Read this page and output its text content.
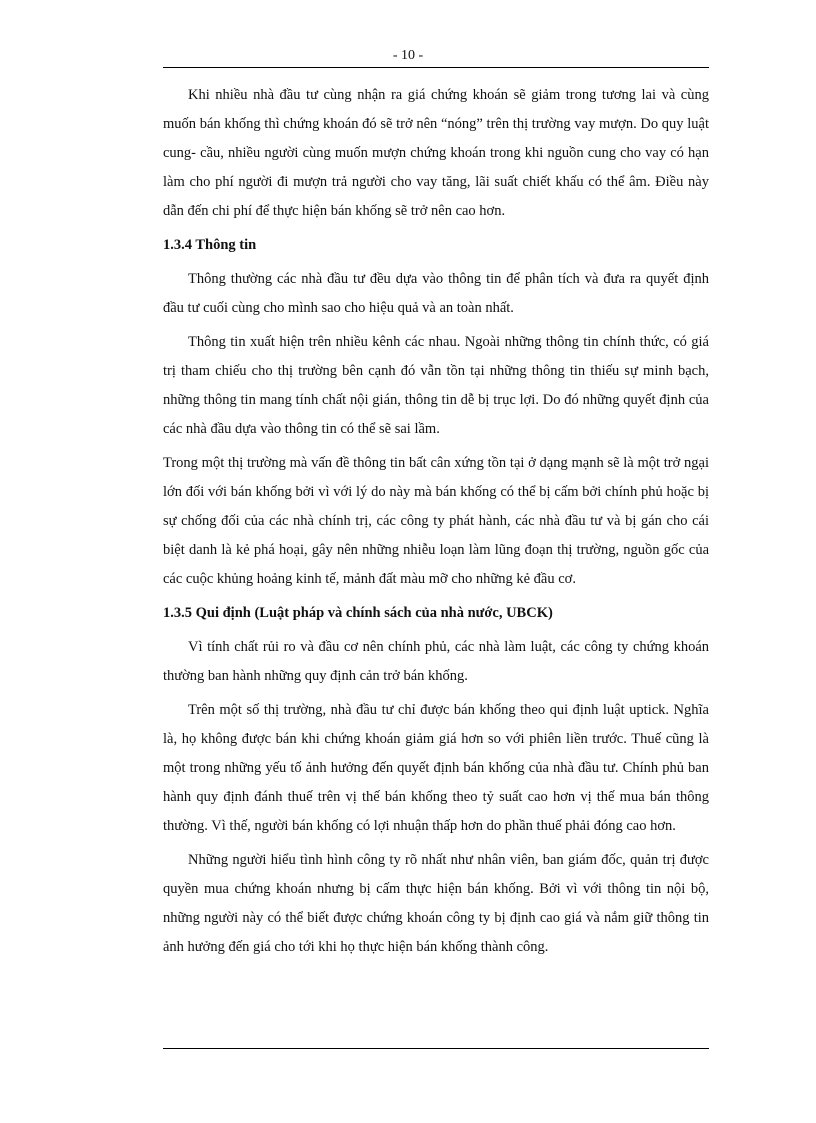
- 10 -

Khi nhiều nhà đầu tư cùng nhận ra giá chứng khoán sẽ giảm trong tương lai và cùng muốn bán khống thì chứng khoán đó sẽ trở nên “nóng” trên thị trường vay mượn. Do quy luật cung- cầu, nhiều người cùng muốn mượn chứng khoán trong khi nguồn cung cho vay có hạn làm cho phí người đi mượn trả người cho vay tăng, lãi suất chiết khấu có thể âm. Điều này dẫn đến chi phí để thực hiện bán khống sẽ trở nên cao hơn.

1.3.4 Thông tin

Thông thường các nhà đầu tư đều dựa vào thông tin để phân tích và đưa ra quyết định đầu tư cuối cùng cho mình sao cho hiệu quả và an toàn nhất.

Thông tin xuất hiện trên nhiều kênh các nhau. Ngoài những thông tin chính thức, có giá trị tham chiếu cho thị trường bên cạnh đó vẫn tồn tại những thông tin thiếu sự minh bạch, những thông tin mang tính chất nội gián, thông tin dễ bị trục lợi. Do đó những quyết định của các nhà đầu dựa vào thông tin có thể sẽ sai lầm.

Trong một thị trường mà vấn đề thông tin bất cân xứng tồn tại ở dạng mạnh sẽ là một trở ngại lớn đối với bán khống bởi vì với lý do này mà bán khống có thể bị cấm bởi chính phủ hoặc bị sự chống đối của các nhà chính trị, các công ty phát hành, các nhà đầu tư và bị gán cho cái biệt danh là kẻ phá hoại, gây nên những nhiễu loạn làm lũng đoạn thị trường, nguồn gốc của các cuộc khủng hoảng kinh tế, mảnh đất màu mỡ cho những kẻ đầu cơ.

1.3.5 Qui định (Luật pháp và chính sách của nhà nước, UBCK)

Vì tính chất rủi ro và đầu cơ nên chính phủ, các nhà làm luật, các công ty chứng khoán thường ban hành những quy định cản trở bán khống.

Trên một số thị trường, nhà đầu tư chỉ được bán khống theo qui định luật uptick. Nghĩa là, họ không được bán khi chứng khoán giảm giá hơn so với phiên liền trước. Thuế cũng là một trong những yếu tố ảnh hưởng đến quyết định bán khống của nhà đầu tư. Chính phủ ban hành quy định đánh thuế trên vị thế bán khống theo tỷ suất cao hơn vị thế mua bán thông thường. Vì thế, người bán khống có lợi nhuận thấp hơn do phần thuế phải đóng cao hơn.

Những người hiểu tình hình công ty rõ nhất như nhân viên, ban giám đốc, quản trị được quyền mua chứng khoán nhưng bị cấm thực hiện bán khống. Bởi vì với thông tin nội bộ, những người này có thể biết được chứng khoán công ty bị định cao giá và nắm giữ thông tin ảnh hưởng đến giá cho tới khi họ thực hiện bán khống thành công.
